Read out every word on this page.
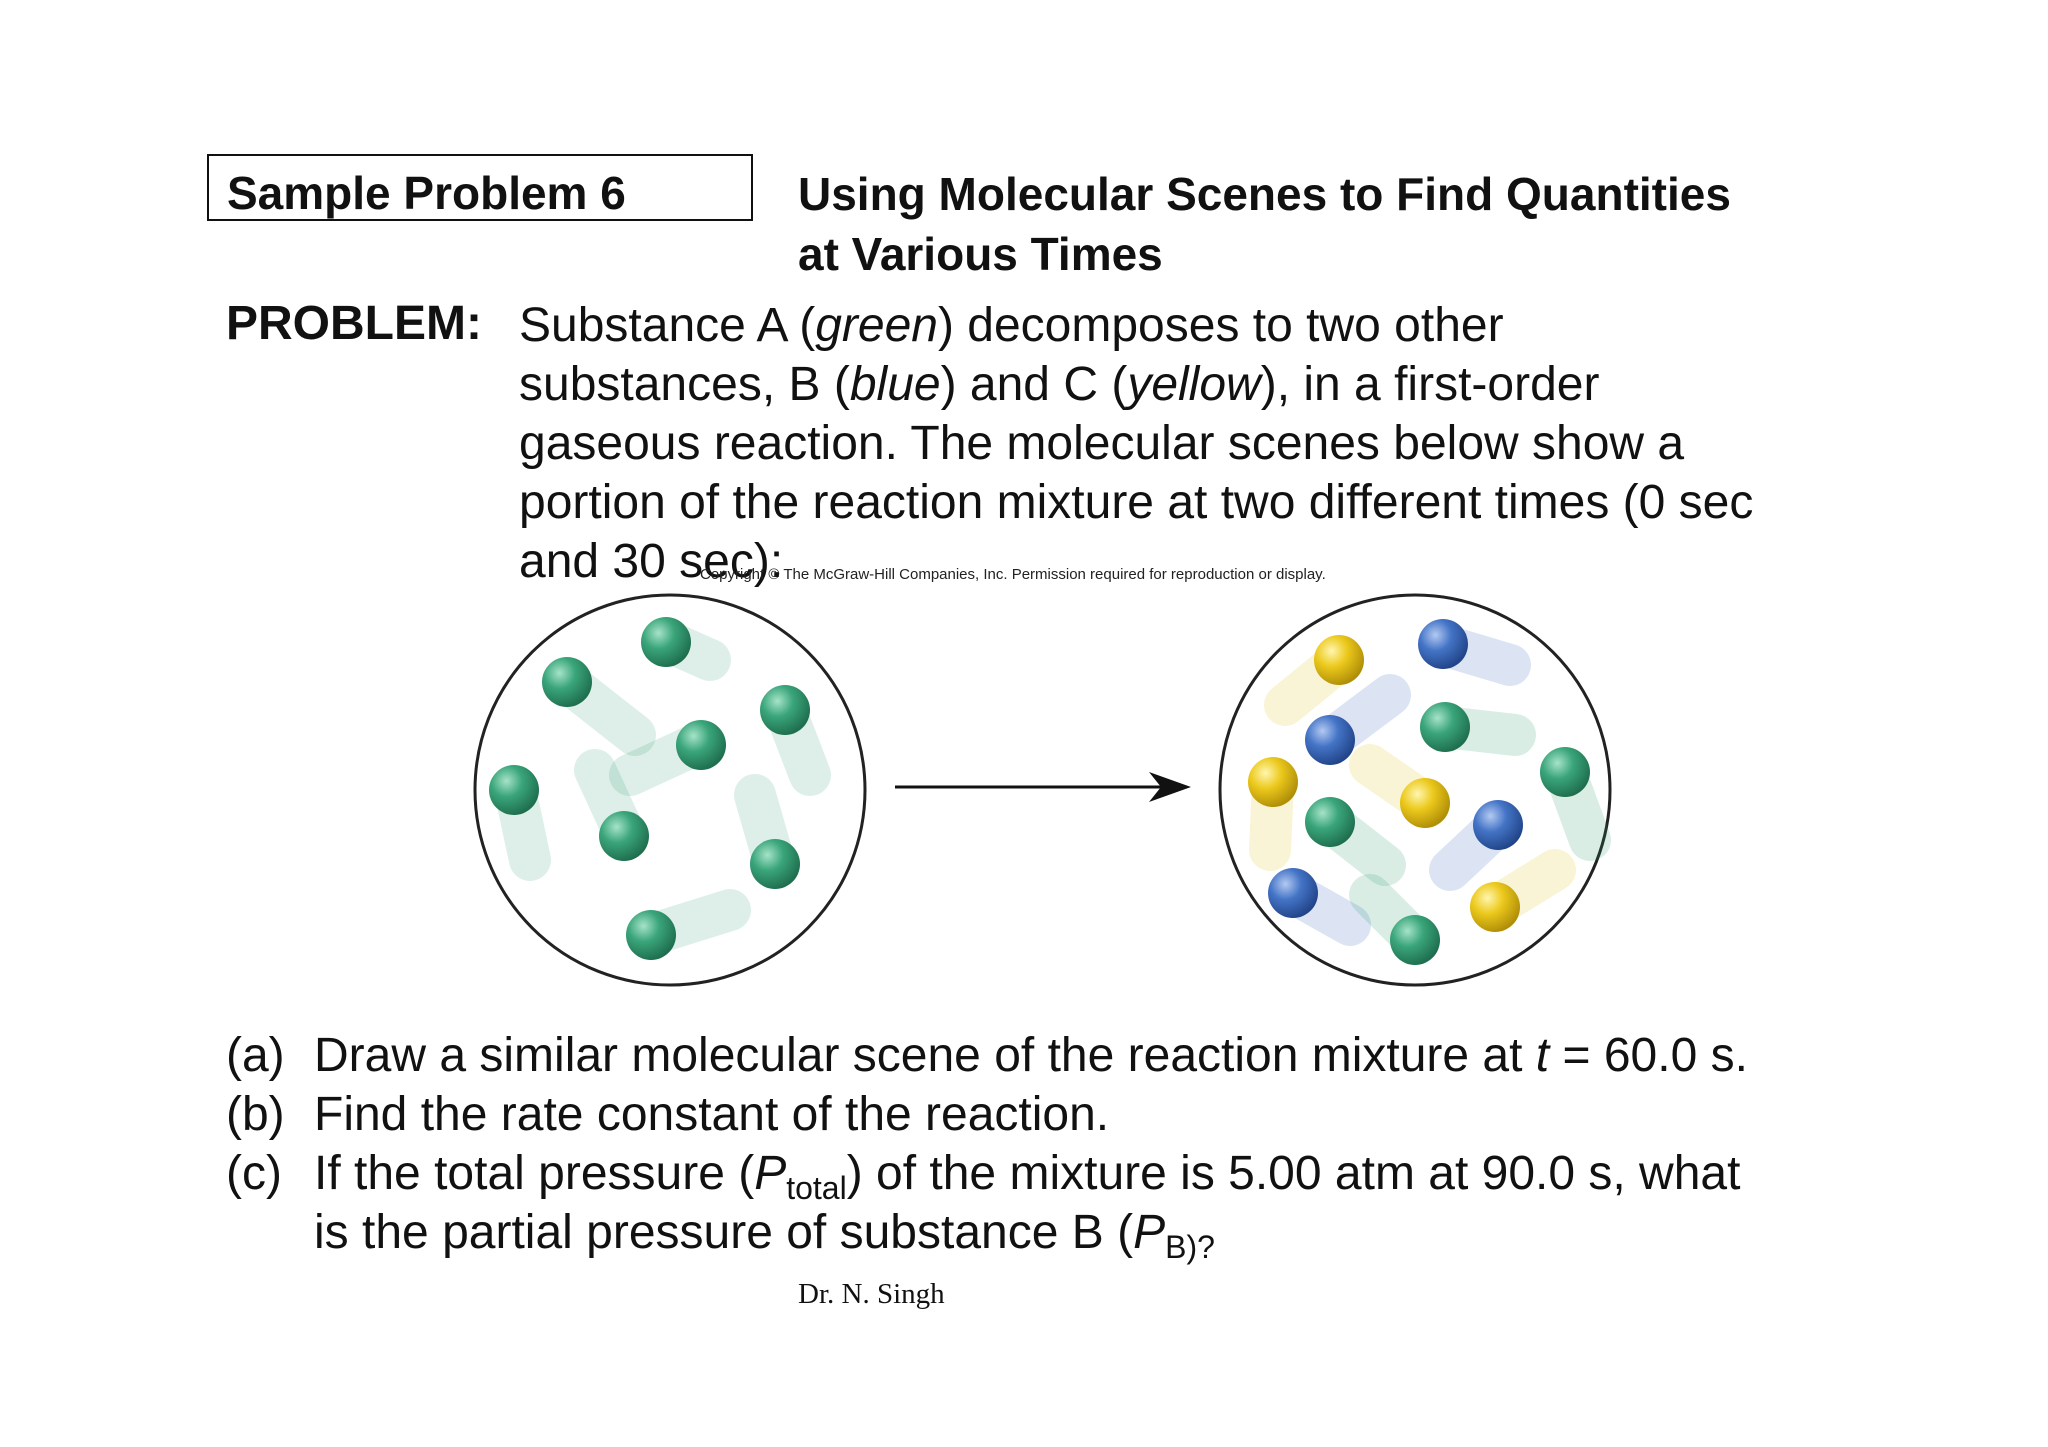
Sample Problem 6	Using Molecular Scenes to Find Quantities
at Various Times
PROBLEM: Substance A (green) decomposes to two other
substances, B (blue) and C (yellow), in a first-order
gaseous reaction. The molecular scenes below show a
portion of the reaction mixture at two different times (0 sec
and 30 sec):
Copyright © The McGraw-Hill Companies, Inc. Permission required for reproduction or display.
(a) Draw a similar molecular scene of the reaction mixture at t = 60.0 s.
(b) Find the rate constant of the reaction.
(c) If the total pressure $(P_{total})$ of the mixture is 5.00 atm at 90.0 s, what
is the partial pressure of substance B ($P_{B)?}$
Dr. N. Singh
